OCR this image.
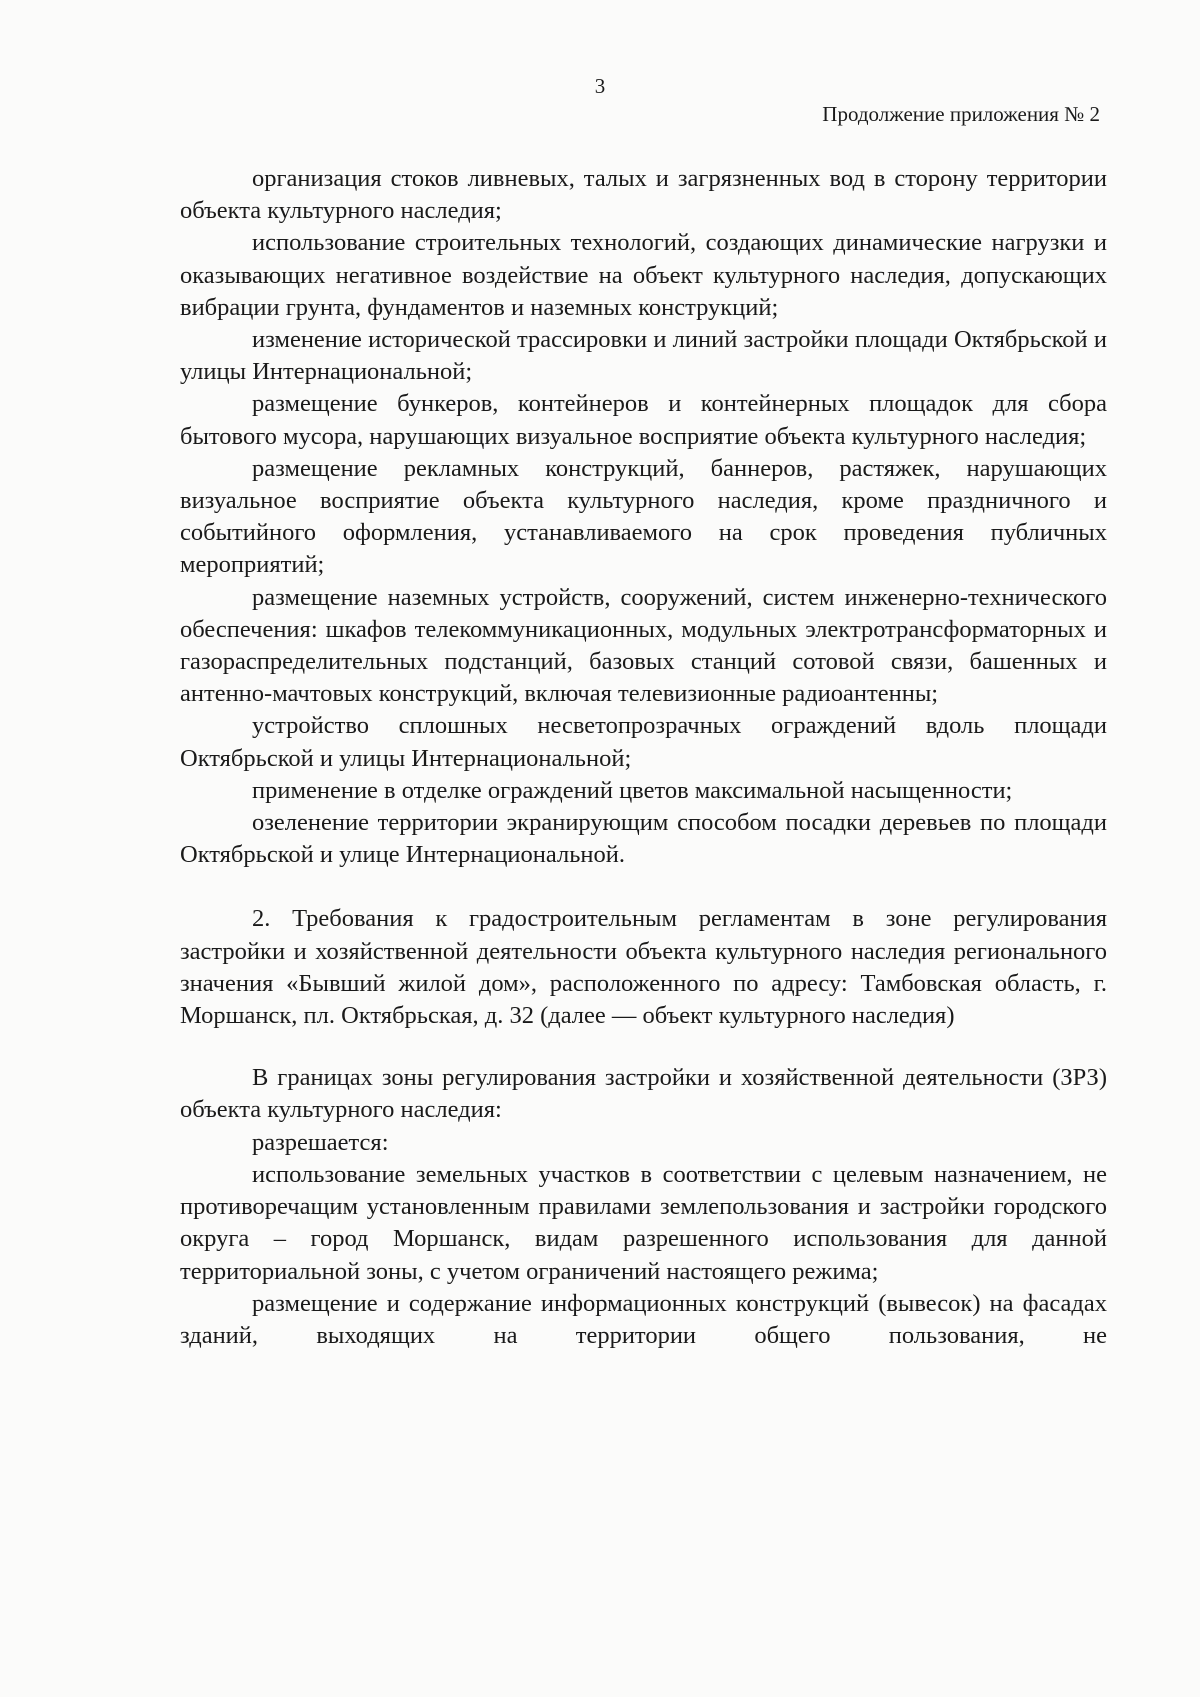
3
Продолжение приложения № 2

организация стоков ливневых, талых и загрязненных вод в сторону территории объекта культурного наследия;

использование строительных технологий, создающих динамические нагрузки и оказывающих негативное воздействие на объект культурного наследия, допускающих вибрации грунта, фундаментов и наземных конструкций;

изменение исторической трассировки и линий застройки площади Октябрьской и улицы Интернациональной;

размещение бункеров, контейнеров и контейнерных площадок для сбора бытового мусора, нарушающих визуальное восприятие объекта культурного наследия;

размещение рекламных конструкций, баннеров, растяжек, нарушающих визуальное восприятие объекта культурного наследия, кроме праздничного и событийного оформления, устанавливаемого на срок проведения публичных мероприятий;

размещение наземных устройств, сооружений, систем инженерно-технического обеспечения: шкафов телекоммуникационных, модульных электротрансформаторных и газораспределительных подстанций, базовых станций сотовой связи, башенных и антенно-мачтовых конструкций, включая телевизионные радиоантенны;

устройство сплошных несветопрозрачных ограждений вдоль площади Октябрьской и улицы Интернациональной;

применение в отделке ограждений цветов максимальной насыщенности;

озеленение территории экранирующим способом посадки деревьев по площади Октябрьской и улице Интернациональной.

2. Требования к градостроительным регламентам в зоне регулирования застройки и хозяйственной деятельности объекта культурного наследия регионального значения «Бывший жилой дом», расположенного по адресу: Тамбовская область, г. Моршанск, пл. Октябрьская, д. 32 (далее — объект культурного наследия)

В границах зоны регулирования застройки и хозяйственной деятельности (ЗРЗ) объекта культурного наследия:

разрешается:

использование земельных участков в соответствии с целевым назначением, не противоречащим установленным правилами землепользования и застройки городского округа – город Моршанск, видам разрешенного использования для данной территориальной зоны, с учетом ограничений настоящего режима;

размещение и содержание информационных конструкций (вывесок) на фасадах зданий, выходящих на территории общего пользования, не
